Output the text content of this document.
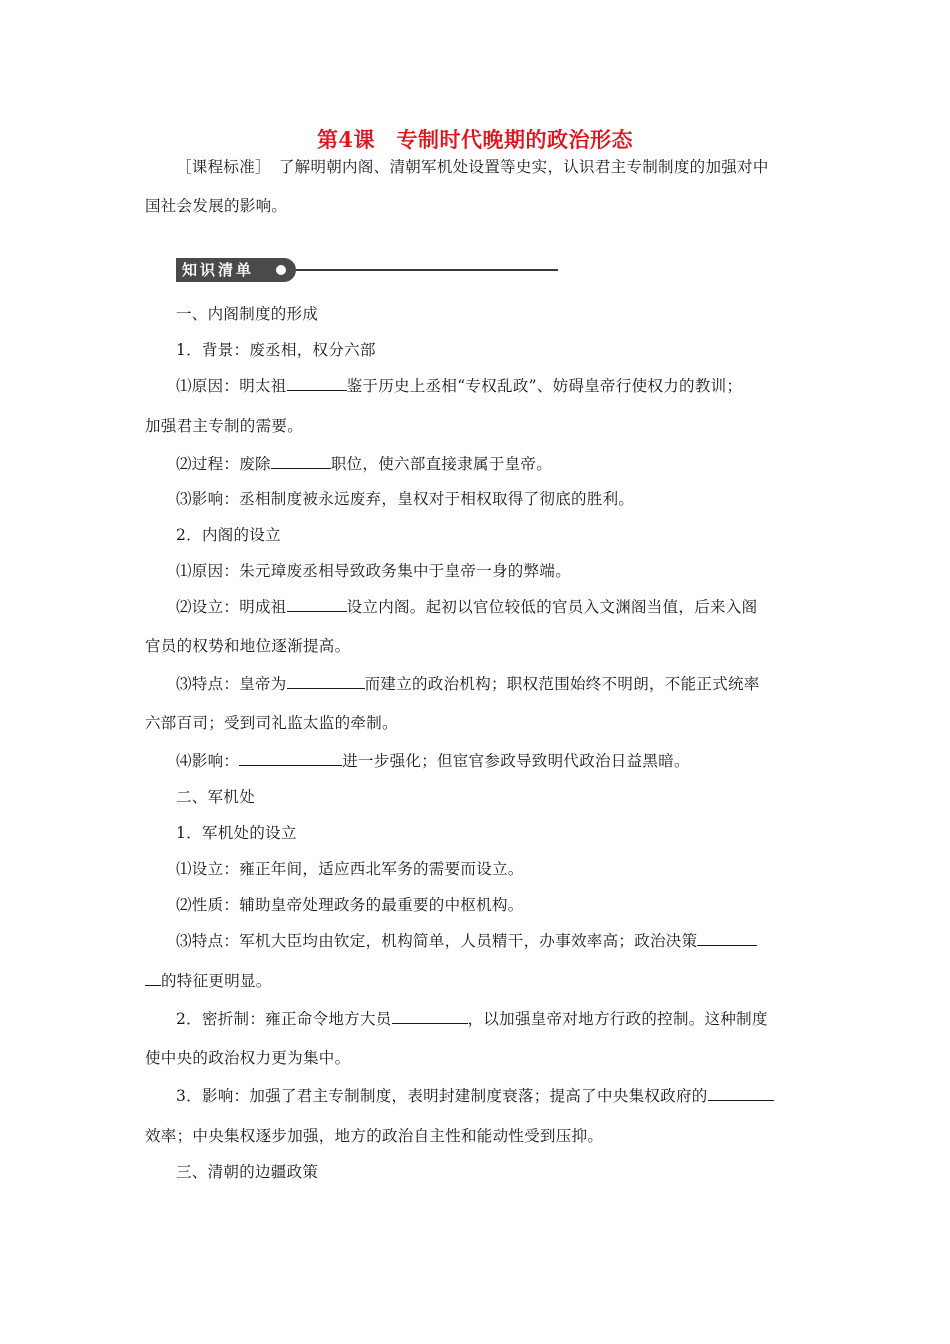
第4课　专制时代晚期的政治形态
［课程标准］　了解明朝内阁、清朝军机处设置等史实，认识君主专制制度的加强对中
国社会发展的影响。
知识清单
一、内阁制度的形成
1．背景：废丞相，权分六部
⑴原因：明太祖	鉴于历史上丞相“专权乱政”、妨碍皇帝行使权力的教训；
加强君主专制的需要。
⑵过程：废除	职位，使六部直接隶属于皇帝。
⑶影响：丞相制度被永远废弃，皇权对于相权取得了彻底的胜利。
2．内阁的设立
⑴原因：朱元璋废丞相导致政务集中于皇帝一身的弊端。
⑵设立：明成祖	设立内阁。起初以官位较低的官员入文渊阁当值，后来入阁
官员的权势和地位逐渐提高。
⑶特点：皇帝为	而建立的政治机构；职权范围始终不明朗，不能正式统率
六部百司；受到司礼监太监的牵制。
⑷影响：	进一步强化；但宦官参政导致明代政治日益黑暗。
二、军机处
1．军机处的设立
⑴设立：雍正年间，适应西北军务的需要而设立。
⑵性质：辅助皇帝处理政务的最重要的中枢机构。
⑶特点：军机大臣均由钦定，机构简单，人员精干，办事效率高；政治决策
的特征更明显。
2．密折制：雍正命令地方大员	，以加强皇帝对地方行政的控制。这种制度
使中央的政治权力更为集中。
3．影响：加强了君主专制制度，表明封建制度衰落；提高了中央集权政府的
效率；中央集权逐步加强，地方的政治自主性和能动性受到压抑。
三、清朝的边疆政策
